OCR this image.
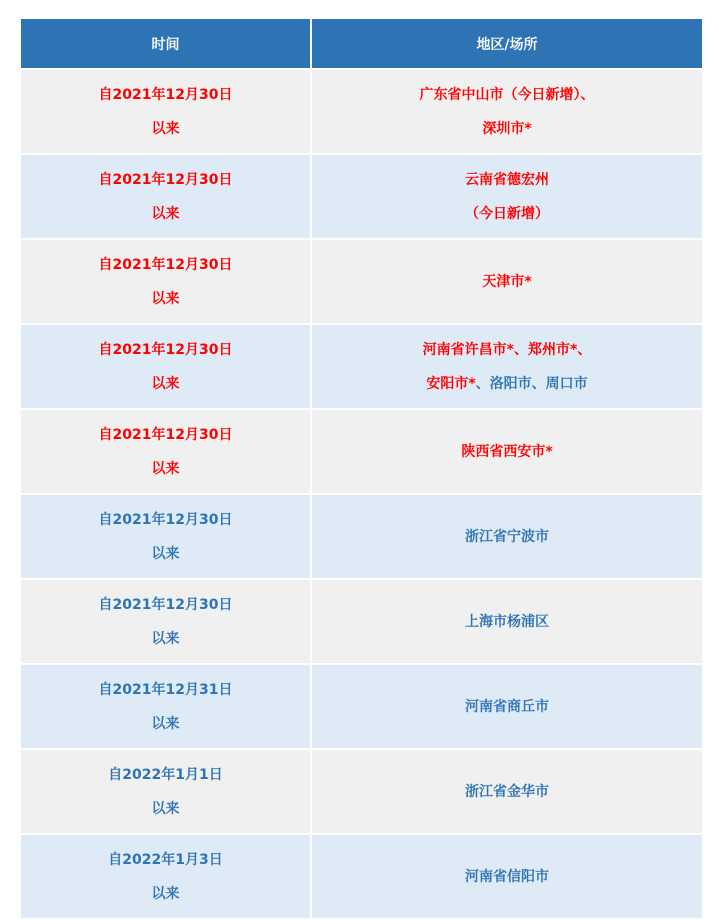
时间	地区/场所

自2021年12月30日
以来	广东省中山市（今日新增）、
深圳市*

自2021年12月30日
以来	云南省德宏州
（今日新增）

自2021年12月30日
以来	天津市*

自2021年12月30日
以来	河南省许昌市*、郑州市*、
安阳市*、洛阳市、周口市

自2021年12月30日
以来	陕西省西安市*

自2021年12月30日
以来	浙江省宁波市

自2021年12月30日
以来	上海市杨浦区

自2021年12月31日
以来	河南省商丘市

自2022年1月1日
以来	浙江省金华市

自2022年1月3日
以来	河南省信阳市
